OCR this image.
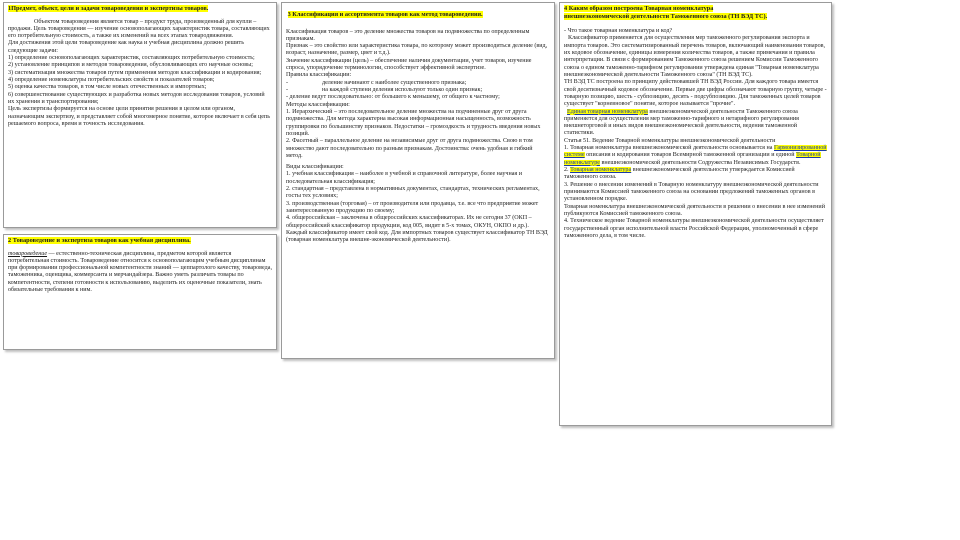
1Предмет, объект, цели и задачи товароведения и экспертизы товаров.
Объектом товароведения является товар – продукт труда, произведенный для купли – продажи. Цель товароведения — изучение основополагающих характеристик товара, составляющих его потребительную стоимость, а также их изменений на всех этапах товародвижения.
Для достижения этой цели товароведение как наука и учебная дисциплина должно решить следующие задачи:
1) определение основополагающих характеристик, составляющих потребительную стоимость;
2) установление принципов и методов товароведения, обусловливающих его научные основы;
3) систематизация множества товаров путем применения методов классификации и кодирования;
4) определение номенклатуры потребительских свойств и показателей товаров;
5) оценка качества товаров, в том числе новых отечественных и импортных;
6) совершенствование существующих и разработка новых методов исследования товаров, условий их хранения и транспортирования;
Цель экспертизы формируется на основе цели принятия решения в целом или органом, назначающим экспертизу, и представляет собой многомерное понятие, которое включает в себя цепь решаемого вопроса, время и точность исследования.
2 Товароведение и экспертиза товаров как учебная дисциплина.
товароведение — естественно-техническая дисциплина, предметом которой является потребительная стоимость. Товароведение относится к основополагающим учебным дисциплинам при формировании профессиональной компетентности знаний — цеппартолого качеству, товароведа, таможенника, оценщика, коммерсанта и мерчандайзера. Важно уметь различать товары по компетентности, степени готовности к использованию, выделить их оценочные показатели, знать обязательные требования к ним.
3 Классификация и ассортимента товаров как метод товароведения.
Классификация товаров – это деление множества товаров на подмножества по определенным признакам.
Признак – это свойство или характеристика товара, по которому может производиться деление (вид, возраст, назначение, размер, цвет и т.д.).
Значение классификации (цель) – обеспечение наличия документации, учет товаров, изучение спроса, упорядочение терминологии, способствует эффективной экспертизе.
Правила классификации:
-	деление начинают с наиболее существенного признака;
-	на каждой ступени деления используют только один признак;
- деление ведут последовательно: от большего к меньшему, от общего к частному;
Методы классификации:
1. Иерархический – это последовательное деление множества на подчиненные друг от друга подмножества. Для метода характерна высокая информационная насыщенность, возможность группировки по большинству признаков. Недостатки – громоздкость и трудность введения новых позиций.
2. Фасетный – параллельное деление на независимые друг от друга подмножества. Свою в том множество дают последовательно по разным признакам. Достоинства: очень удобная и гибкий метод.
Виды классификации:
1. учебная классификация – наиболее в учебной и справочной литературе, более научная и последовательная классификация;
2. стандартная – представлена в нормативных документах, стандартах, технических регламентах, госты тех условиях;
3. производственная (торговая) – от производителя или продавца, т.е. все что предприятие может заинтересованную продукцию по своему;
4. общероссийская – заключена в общероссийских классификаторах. Их не сегодня 37 (ОКП – общероссийский классификатор продукции, код 005, видит в 5-х томах, ОКУН, ОКПО и др.). Каждый классификатор имеет свой код. Для импортных товаров существует классификатор ТН ВЭД (товарная номенклатура внешне-экономической деятельности).
4 Каким образом построена Товарная номенклатура
внешнеэкономической деятельности Таможенного союза (ТН ВЭД ТС).
- Что такое товарная номенклатура и код?
Классификатор применяется для осуществления мер таможенного регулирования экспорта и импорта товаров. Это систематизированный перечень товаров, включающий наименования товаров, их кодовое обозначение, единицы измерения количества товаров, а также примечания и правила интерпретации. В связи с формированием Таможенного союза решением Комиссии Таможенного союза о едином таможенно-тарифном регулировании утверждена единая "Товарная номенклатура внешнеэкономической деятельности Таможенного союза" (ТН ВЭД ТС).
ТН ВЭД ТС построена по принципу действовавшей ТН ВЭД России. Для каждого товара имеется свой десятизначный кодовое обозначение. Первые две цифры обозначают товарную группу, четыре - товарную позицию, шесть - субпозицию, десять - подсубпозицию. Для таможенных целей товаров существует "корневновое" понятие, которое называется "прочие".
Единая товарная номенклатура внешнеэкономической деятельности Таможенного союза применяется для осуществления мер таможенно-тарифного и нетарифного регулирования внешнеторговой и иных видов внешнеэкономической деятельности, ведения таможенной статистики.
Статья 51. Ведение Товарной номенклатуры внешнеэкономической деятельности
1. Товарная номенклатура внешнеэкономической деятельности основывается на Гармонизированной системе описания и кодирования товаров Всемирной таможенной организации и единой Товарной номенклатуре внешнеэкономической деятельности Содружества Независимых Государств.
2. Товарная номенклатура внешнеэкономической деятельности утверждается Комиссией таможенного союза.
3. Решение о внесении изменений в Товарную номенклатуру внешнеэкономической деятельности принимаются Комиссией таможенного союза на основании предложений таможенных органов в установленном порядке.
Товарная номенклатура внешнеэкономической деятельности в решении о внесении в нее изменений публикуются Комиссией таможенного союза.
4. Техническое ведение Товарной номенклатуры внешнеэкономической деятельности осуществляет государственный орган исполнительной власти Российской Федерации, уполномоченный в сфере таможенного дела, в том числе.
